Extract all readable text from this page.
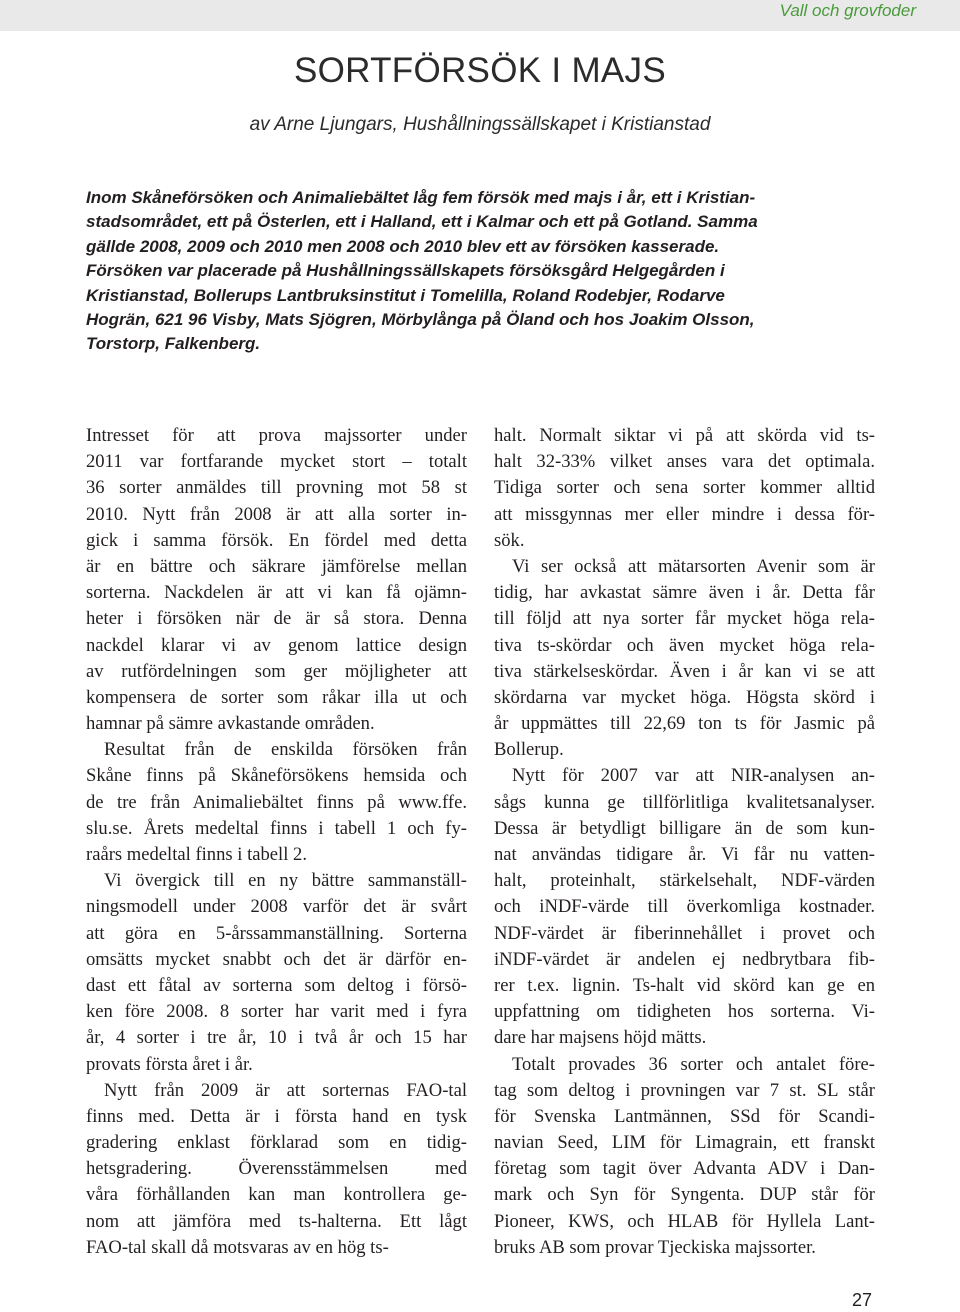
Vall och grovfoder
SORTFÖRSÖK I MAJS
av Arne Ljungars, Hushållningssällskapet i Kristianstad
Inom Skåneförsöken och Animaliebältet låg fem försök med majs i år, ett i Kristian-
stadsområdet, ett på Österlen, ett i Halland, ett i Kalmar och ett på Gotland. Samma
gällde 2008, 2009 och 2010 men 2008 och 2010 blev ett av försöken kasserade.
Försöken var placerade på Hushållningssällskapets försöksgård Helgegården i
Kristianstad, Bollerups Lantbruksinstitut i Tomelilla, Roland Rodebjer, Rodarve
Hogrän, 621 96 Visby, Mats Sjögren, Mörbylånga på Öland och hos Joakim Olsson,
Torstorp, Falkenberg.
Intresset för att prova majssorter under
2011 var fortfarande mycket stort – totalt
36 sorter anmäldes till provning mot 58 st
2010. Nytt från 2008 är att alla sorter in-
gick i samma försök. En fördel med detta
är en bättre och säkrare jämförelse mellan
sorterna. Nackdelen är att vi kan få ojämn-
heter i försöken när de är så stora. Denna
nackdel klarar vi av genom lattice design
av rutfördelningen som ger möjligheter att
kompensera de sorter som råkar illa ut och
hamnar på sämre avkastande områden.
Resultat från de enskilda försöken från
Skåne finns på Skåneförsökens hemsida och
de tre från Animaliebältet finns på www.ffe.
slu.se. Årets medeltal finns i tabell 1 och fy-
raårs medeltal finns i tabell 2.
Vi övergick till en ny bättre sammanställ-
ningsmodell under 2008 varför det är svårt
att göra en 5-årssammanställning. Sorterna
omsätts mycket snabbt och det är därför en-
dast ett fåtal av sorterna som deltog i försö-
ken före 2008. 8 sorter har varit med i fyra
år, 4 sorter i tre år, 10 i två år och 15 har
provats första året i år.
Nytt från 2009 är att sorternas FAO-tal
finns med. Detta är i första hand en tysk
gradering enklast förklarad som en tidig-
hetsgradering. Överensstämmelsen med
våra förhållanden kan man kontrollera ge-
nom att jämföra med ts-halterna. Ett lågt
FAO-tal skall då motsvaras av en hög ts-
halt. Normalt siktar vi på att skörda vid ts-
halt 32-33% vilket anses vara det optimala.
Tidiga sorter och sena sorter kommer alltid
att missgynnas mer eller mindre i dessa för-
sök.
Vi ser också att mätarsorten Avenir som är
tidig, har avkastat sämre även i år. Detta får
till följd att nya sorter får mycket höga rela-
tiva ts-skördar och även mycket höga rela-
tiva stärkelseskördar. Även i år kan vi se att
skördarna var mycket höga. Högsta skörd i
år uppmättes till 22,69 ton ts för Jasmic på
Bollerup.
Nytt för 2007 var att NIR-analysen an-
sågs kunna ge tillförlitliga kvalitetsanalyser.
Dessa är betydligt billigare än de som kun-
nat användas tidigare år. Vi får nu vatten-
halt, proteinhalt, stärkelsehalt, NDF-värden
och iNDF-värde till överkomliga kostnader.
NDF-värdet är fiberinnehållet i provet och
iNDF-värdet är andelen ej nedbrytbara fib-
rer t.ex. lignin. Ts-halt vid skörd kan ge en
uppfattning om tidigheten hos sorterna. Vi-
dare har majsens höjd mätts.
Totalt provades 36 sorter och antalet före-
tag som deltog i provningen var 7 st. SL står
för Svenska Lantmännen, SSd för Scandi-
navian Seed, LIM för Limagrain, ett franskt
företag som tagit över Advanta ADV i Dan-
mark och Syn för Syngenta. DUP står för
Pioneer, KWS, och HLAB för Hyllela Lant-
bruks AB som provar Tjeckiska majssorter.
27
